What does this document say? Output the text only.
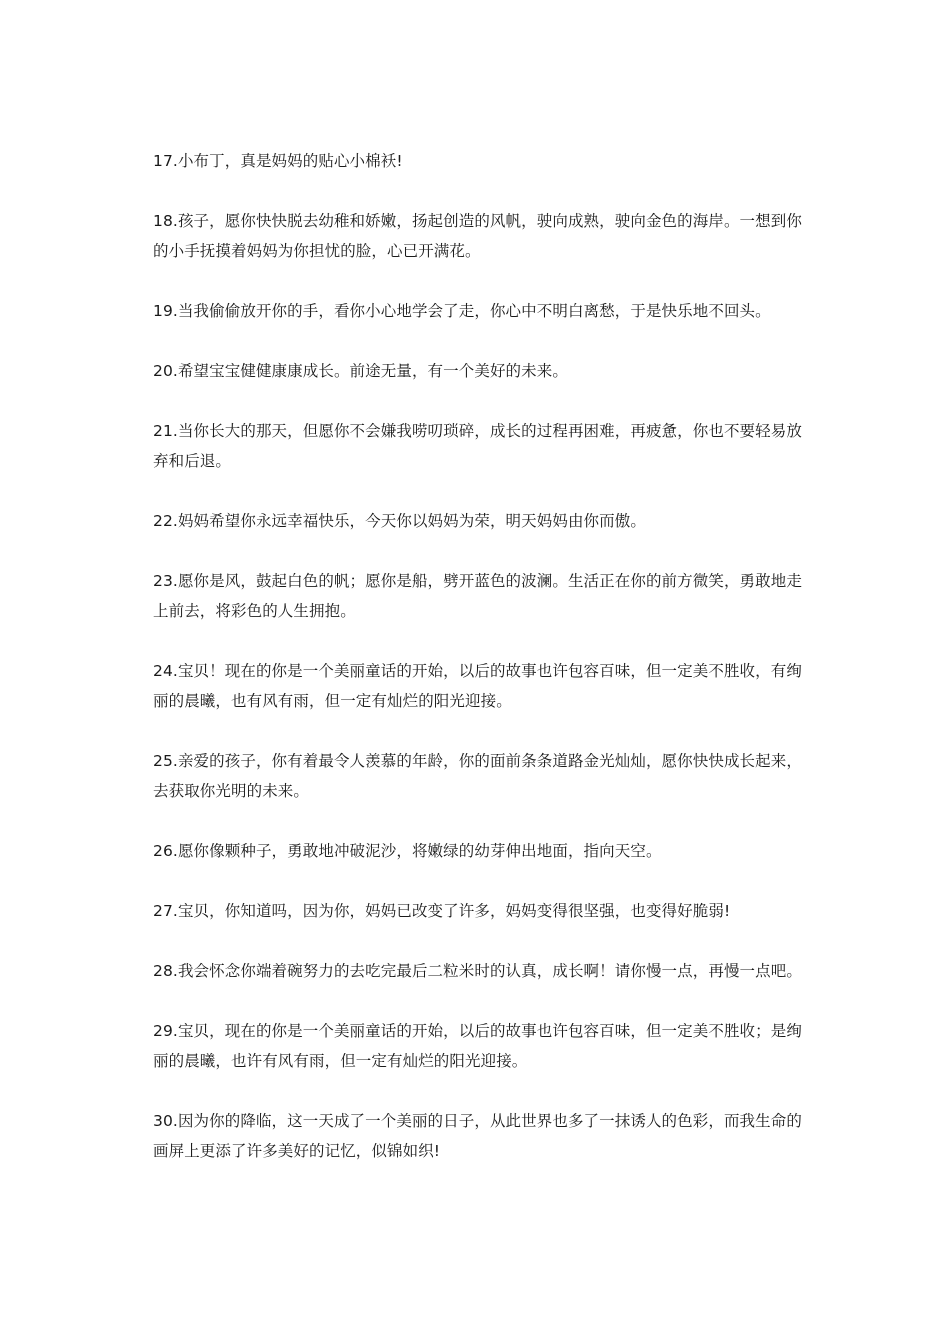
17.小布丁，真是妈妈的贴心小棉袄!

18.孩子，愿你快快脱去幼稚和娇嫩，扬起创造的风帆，驶向成熟，驶向金色的海岸。一想到你的小手抚摸着妈妈为你担忧的脸，心已开满花。

19.当我偷偷放开你的手，看你小心地学会了走，你心中不明白离愁，于是快乐地不回头。

20.希望宝宝健健康康成长。前途无量，有一个美好的未来。

21.当你长大的那天，但愿你不会嫌我唠叨琐碎，成长的过程再困难，再疲惫，你也不要轻易放弃和后退。

22.妈妈希望你永远幸福快乐，今天你以妈妈为荣，明天妈妈由你而傲。

23.愿你是风，鼓起白色的帆；愿你是船，劈开蓝色的波澜。生活正在你的前方微笑，勇敢地走上前去，将彩色的人生拥抱。

24.宝贝！现在的你是一个美丽童话的开始，以后的故事也许包容百味，但一定美不胜收，有绚丽的晨曦，也有风有雨，但一定有灿烂的阳光迎接。

25.亲爱的孩子，你有着最令人羡慕的年龄，你的面前条条道路金光灿灿，愿你快快成长起来，去获取你光明的未来。

26.愿你像颗种子，勇敢地冲破泥沙，将嫩绿的幼芽伸出地面，指向天空。

27.宝贝，你知道吗，因为你，妈妈已改变了许多，妈妈变得很坚强，也变得好脆弱!

28.我会怀念你端着碗努力的去吃完最后二粒米时的认真，成长啊！请你慢一点，再慢一点吧。

29.宝贝，现在的你是一个美丽童话的开始，以后的故事也许包容百味，但一定美不胜收；是绚丽的晨曦，也许有风有雨，但一定有灿烂的阳光迎接。

30.因为你的降临，这一天成了一个美丽的日子，从此世界也多了一抹诱人的色彩，而我生命的画屏上更添了许多美好的记忆，似锦如织!
